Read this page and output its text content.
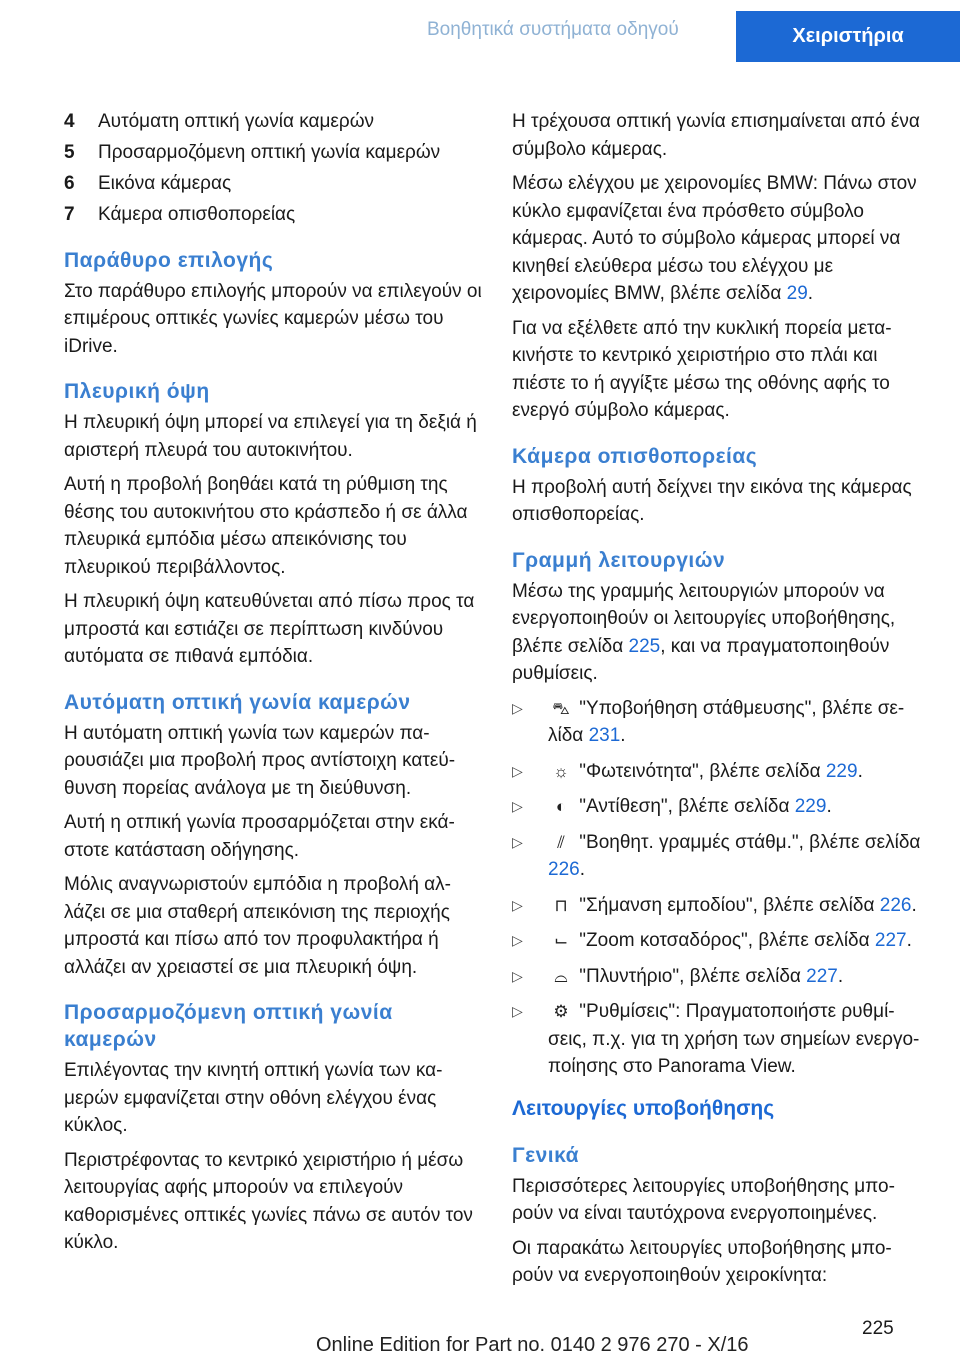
Βοηθητικά συστήματα οδηγού	Χειριστήρια
4	Αυτόματη οπτική γωνία καμερών
5	Προσαρμοζόμενη οπτική γωνία καμερών
6	Εικόνα κάμερας
7	Κάμερα οπισθοπορείας
Παράθυρο επιλογής

Στο παράθυρο επιλογής μπορούν να επιλεγούν οι επιμέρους οπτικές γωνίες καμερών μέσω του iDrive.

Πλευρική όψη

Η πλευρική όψη μπορεί να επιλεγεί για τη δεξιά ή αριστερή πλευρά του αυτοκινήτου.

Αυτή η προβολή βοηθάει κατά τη ρύθμιση της θέσης του αυτοκινήτου στο κράσπεδο ή σε άλλα πλευρικά εμπόδια μέσω απεικόνισης του πλευρικού περιβάλλοντος.

Η πλευρική όψη κατευθύνεται από πίσω προς τα μπροστά και εστιάζει σε περίπτωση κινδύνου αυτόματα σε πιθανά εμπόδια.

Αυτόματη οπτική γωνία καμερών

Η αυτόματη οπτική γωνία των καμερών παρουσιάζει μια προβολή προς αντίστοιχη κατεύθυνση πορείας ανάλογα με τη διεύθυνση.

Αυτή η οτπική γωνία προσαρμόζεται στην εκάστοτε κατάσταση οδήγησης.

Μόλις αναγνωριστούν εμπόδια η προβολή αλλάζει σε μια σταθερή απεικόνιση της περιοχής μπροστά και πίσω από τον προφυλακτήρα ή αλλάζει αν χρειαστεί σε μια πλευρική όψη.

Προσαρμοζόμενη οπτική γωνία καμερών

Επιλέγοντας την κινητή οπτική γωνία των καμερών εμφανίζεται στην οθόνη ελέγχου ένας κύκλος.

Περιστρέφοντας το κεντρικό χειριστήριο ή μέσω λειτουργίας αφής μπορούν να επιλεγούν καθορισμένες οπτικές γωνίες πάνω σε αυτόν τον κύκλο.

Η τρέχουσα οπτική γωνία επισημαίνεται από ένα σύμβολο κάμερας.

Μέσω ελέγχου με χειρονομίες BMW: Πάνω στον κύκλο εμφανίζεται ένα πρόσθετο σύμβολο κάμερας. Αυτό το σύμβολο κάμερας μπορεί να κινηθεί ελεύθερα μέσω του ελέγχου με χειρονομίες BMW, βλέπε σελίδα 29.

Για να εξέλθετε από την κυκλική πορεία μετακινήστε το κεντρικό χειριστήριο στο πλάι και πιέστε το ή αγγίξτε μέσω της οθόνης αφής το ενεργό σύμβολο κάμερας.

Κάμερα οπισθοπορείας

Η προβολή αυτή δείχνει την εικόνα της κάμερας οπισθοπορείας.

Γραμμή λειτουργιών

Μέσω της γραμμής λειτουργιών μπορούν να ενεργοποιηθούν οι λειτουργίες υποβοήθησης, βλέπε σελίδα 225, και να πραγματοποιηθούν ρυθμίσεις.

▷ ⛍ "Υποβοήθηση στάθμευσης", βλέπε σελίδα 231.
▷ ☼ "Φωτεινότητα", βλέπε σελίδα 229.
▷ ◐ "Αντίθεση", βλέπε σελίδα 229.
▷ ⫽ "Βοηθητ. γραμμές στάθμ.", βλέπε σελίδα 226.
▷ ⊓ "Σήμανση εμποδίου", βλέπε σελίδα 226.
▷ ⌙ "Zoom κοτσαδόρος", βλέπε σελίδα 227.
▷ ⌓ "Πλυντήριο", βλέπε σελίδα 227.
▷ ⚙ "Ρυθμίσεις": Πραγματοποιήστε ρυθμίσεις, π.χ. για τη χρήση των σημείων ενεργοποίησης στο Panorama View.
Λειτουργίες υποβοήθησης
Γενικά

Περισσότερες λειτουργίες υποβοήθησης μπορούν να είναι ταυτόχρονα ενεργοποιημένες.

Οι παρακάτω λειτουργίες υποβοήθησης μπορούν να ενεργοποιηθούν χειροκίνητα:

225
Online Edition for Part no. 0140 2 976 270 - X/16
